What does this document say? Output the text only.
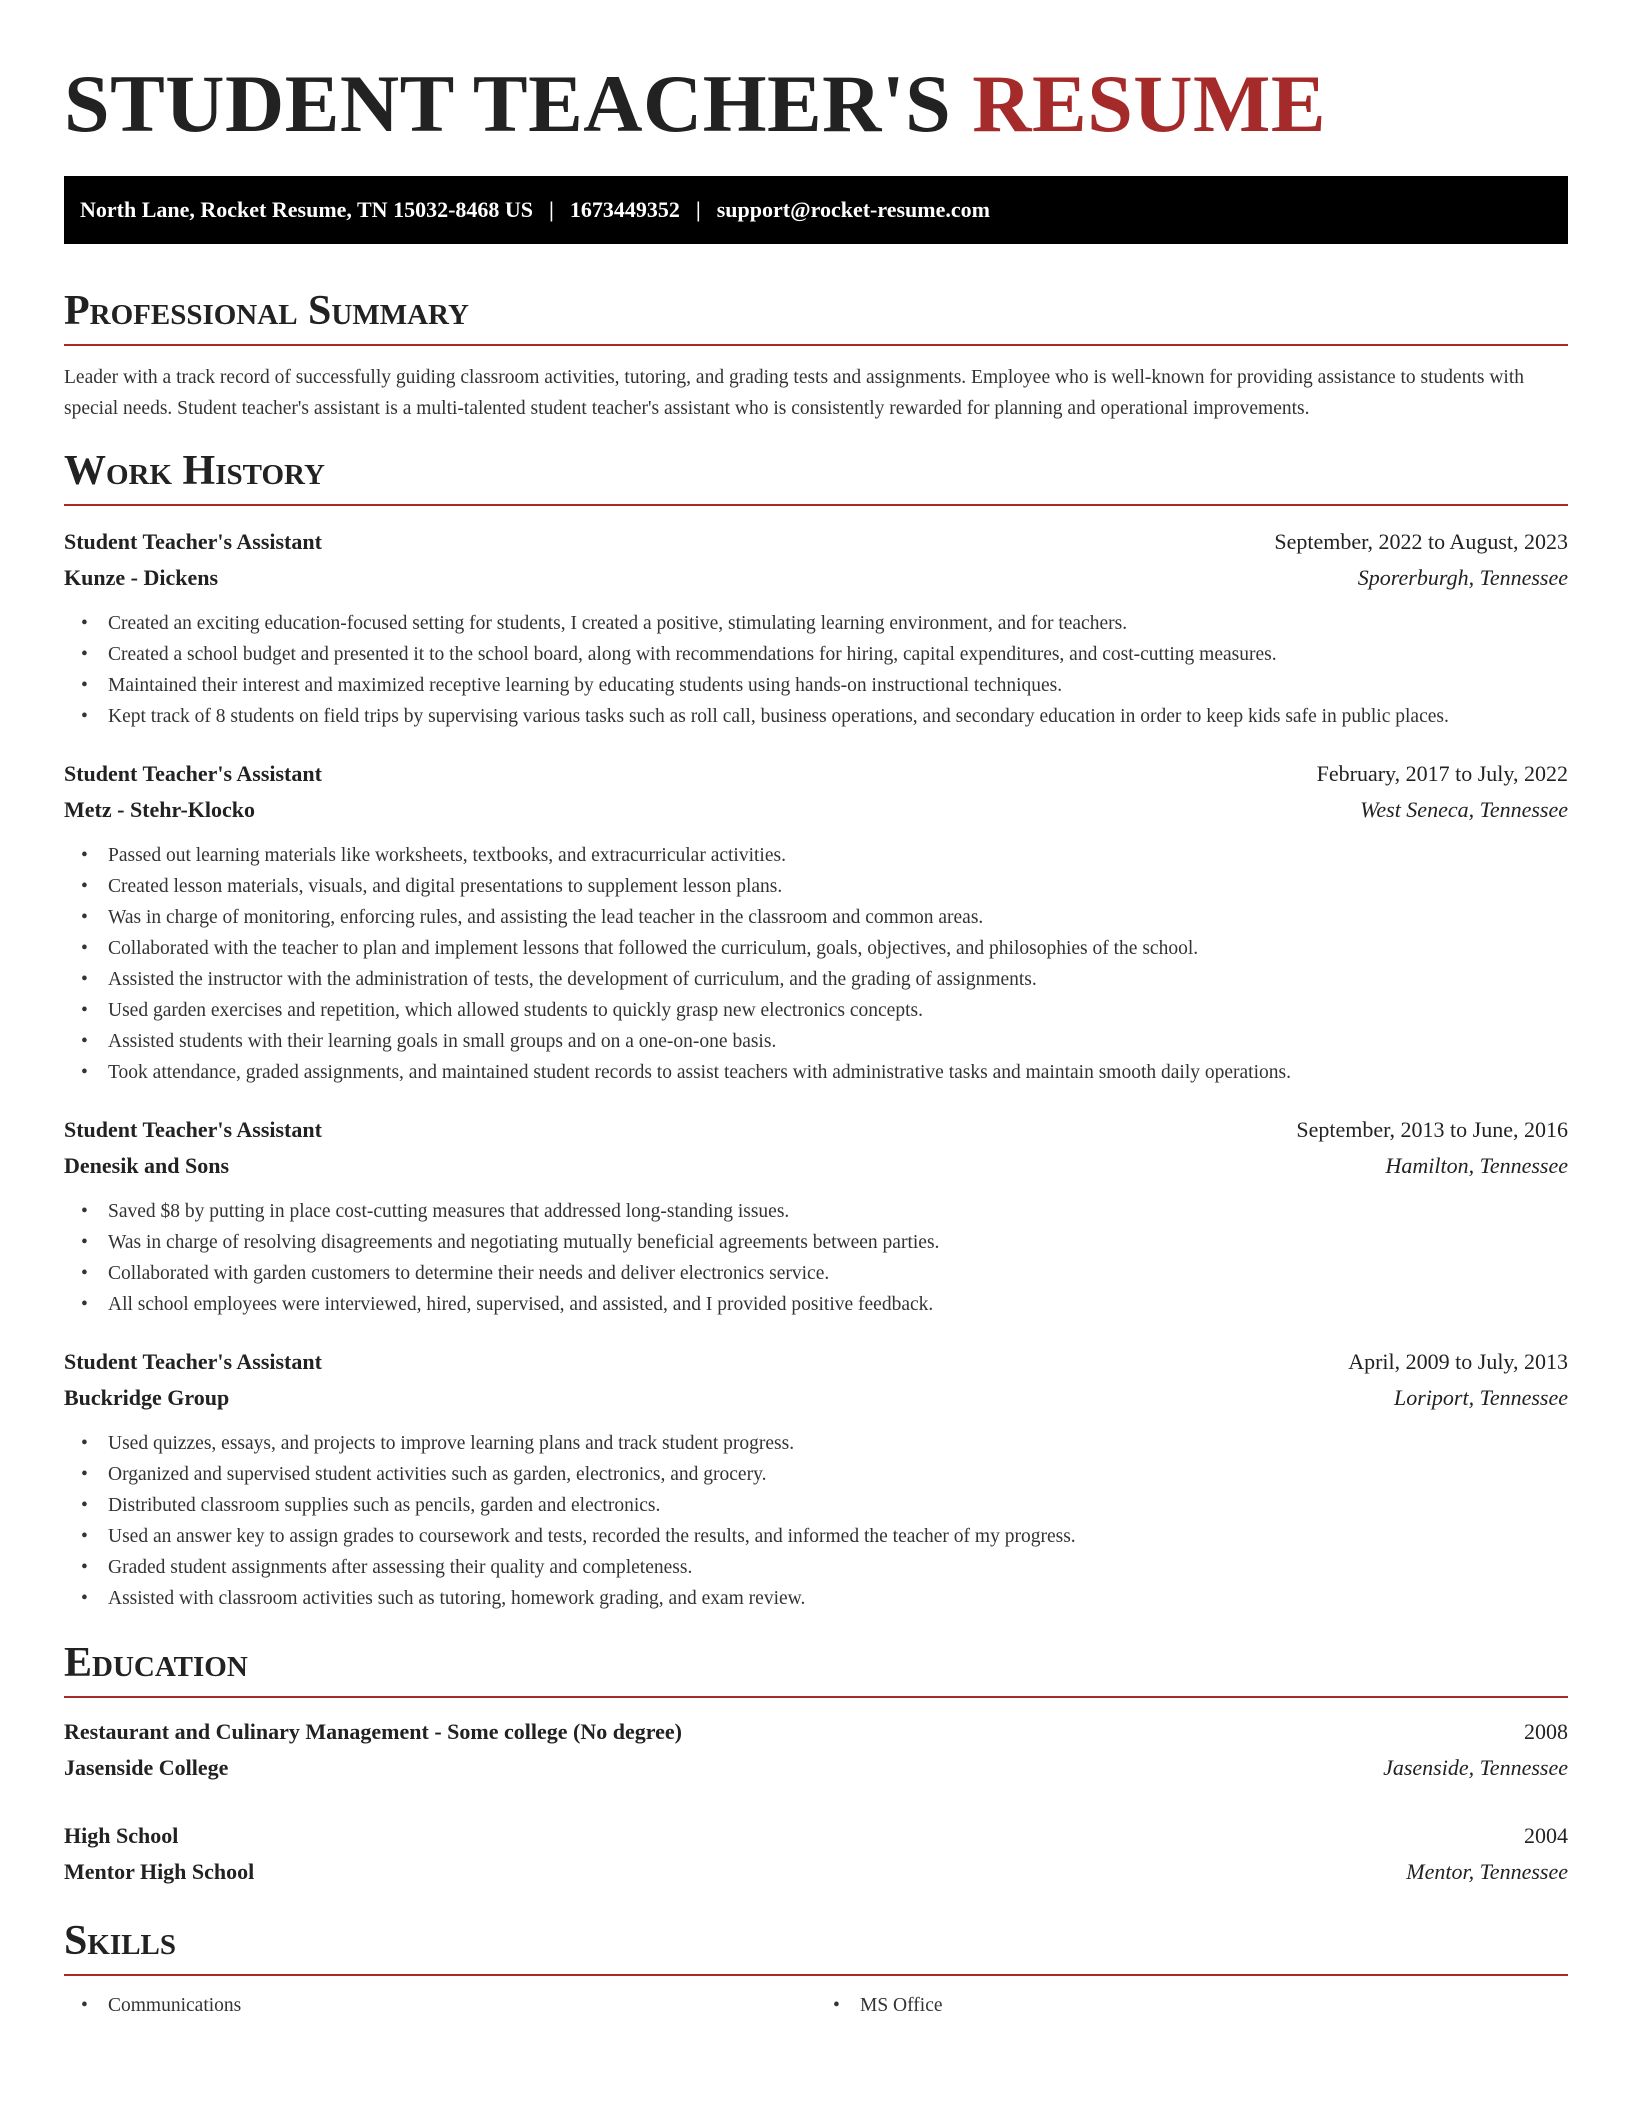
STUDENT TEACHER'S RESUME
North Lane, Rocket Resume, TN 15032-8468 US | 1673449352 | support@rocket-resume.com
Professional Summary
Leader with a track record of successfully guiding classroom activities, tutoring, and grading tests and assignments. Employee who is well-known for providing assistance to students with special needs. Student teacher's assistant is a multi-talented student teacher's assistant who is consistently rewarded for planning and operational improvements.
Work History
Student Teacher's Assistant	September, 2022 to August, 2023
Kunze - Dickens	Sporerburgh, Tennessee
• Created an exciting education-focused setting for students, I created a positive, stimulating learning environment, and for teachers.
• Created a school budget and presented it to the school board, along with recommendations for hiring, capital expenditures, and cost-cutting measures.
• Maintained their interest and maximized receptive learning by educating students using hands-on instructional techniques.
• Kept track of 8 students on field trips by supervising various tasks such as roll call, business operations, and secondary education in order to keep kids safe in public places.
Student Teacher's Assistant	February, 2017 to July, 2022
Metz - Stehr-Klocko	West Seneca, Tennessee
• Passed out learning materials like worksheets, textbooks, and extracurricular activities.
• Created lesson materials, visuals, and digital presentations to supplement lesson plans.
• Was in charge of monitoring, enforcing rules, and assisting the lead teacher in the classroom and common areas.
• Collaborated with the teacher to plan and implement lessons that followed the curriculum, goals, objectives, and philosophies of the school.
• Assisted the instructor with the administration of tests, the development of curriculum, and the grading of assignments.
• Used garden exercises and repetition, which allowed students to quickly grasp new electronics concepts.
• Assisted students with their learning goals in small groups and on a one-on-one basis.
• Took attendance, graded assignments, and maintained student records to assist teachers with administrative tasks and maintain smooth daily operations.
Student Teacher's Assistant	September, 2013 to June, 2016
Denesik and Sons	Hamilton, Tennessee
• Saved $8 by putting in place cost-cutting measures that addressed long-standing issues.
• Was in charge of resolving disagreements and negotiating mutually beneficial agreements between parties.
• Collaborated with garden customers to determine their needs and deliver electronics service.
• All school employees were interviewed, hired, supervised, and assisted, and I provided positive feedback.
Student Teacher's Assistant	April, 2009 to July, 2013
Buckridge Group	Loriport, Tennessee
• Used quizzes, essays, and projects to improve learning plans and track student progress.
• Organized and supervised student activities such as garden, electronics, and grocery.
• Distributed classroom supplies such as pencils, garden and electronics.
• Used an answer key to assign grades to coursework and tests, recorded the results, and informed the teacher of my progress.
• Graded student assignments after assessing their quality and completeness.
• Assisted with classroom activities such as tutoring, homework grading, and exam review.
Education
Restaurant and Culinary Management - Some college (No degree)	2008
Jasenside College	Jasenside, Tennessee
High School	2004
Mentor High School	Mentor, Tennessee
Skills
• Communications
•	MS Office
